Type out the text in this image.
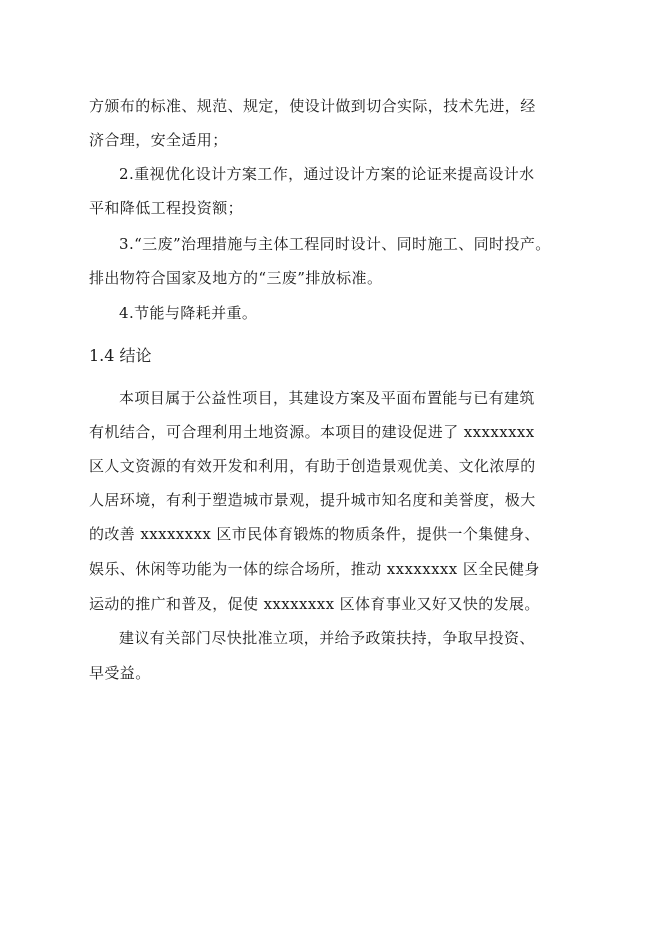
方颁布的标准、规范、规定，使设计做到切合实际，技术先进，经
济合理，安全适用；
2.重视优化设计方案工作，通过设计方案的论证来提高设计水
平和降低工程投资额；
3.“三废”治理措施与主体工程同时设计、同时施工、同时投产。
排出物符合国家及地方的“三废”排放标准。
4.节能与降耗并重。
1.4 结论
本项目属于公益性项目，其建设方案及平面布置能与已有建筑
有机结合，可合理利用土地资源。本项目的建设促进了 xxxxxxxx
区人文资源的有效开发和利用，有助于创造景观优美、文化浓厚的
人居环境，有利于塑造城市景观，提升城市知名度和美誉度，极大
的改善 xxxxxxxx 区市民体育锻炼的物质条件，提供一个集健身、
娱乐、休闲等功能为一体的综合场所，推动 xxxxxxxx 区全民健身
运动的推广和普及，促使 xxxxxxxx 区体育事业又好又快的发展。
建议有关部门尽快批准立项，并给予政策扶持，争取早投资、
早受益。
